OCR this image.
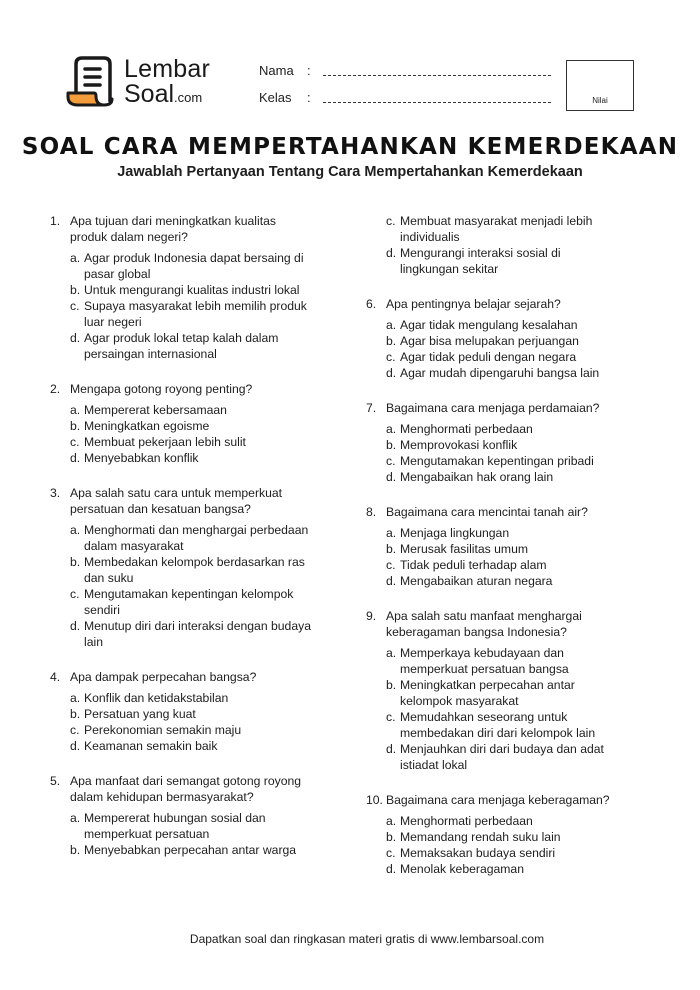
Lembar
Soal.com
Nama :
Kelas :	Nilai
SOAL CARA MEMPERTAHANKAN KEMERDEKAAN
Jawablah Pertanyaan Tentang Cara Mempertahankan Kemerdekaan
1. Apa tujuan dari meningkatkan kualitas produk dalam negeri?
a. Agar produk Indonesia dapat bersaing di pasar global
b. Untuk mengurangi kualitas industri lokal
c. Supaya masyarakat lebih memilih produk luar negeri
d. Agar produk lokal tetap kalah dalam persaingan internasional
2. Mengapa gotong royong penting?
a. Mempererat kebersamaan
b. Meningkatkan egoisme
c. Membuat pekerjaan lebih sulit
d. Menyebabkan konflik
3. Apa salah satu cara untuk memperkuat persatuan dan kesatuan bangsa?
a. Menghormati dan menghargai perbedaan dalam masyarakat
b. Membedakan kelompok berdasarkan ras dan suku
c. Mengutamakan kepentingan kelompok sendiri
d. Menutup diri dari interaksi dengan budaya lain
4. Apa dampak perpecahan bangsa?
a. Konflik dan ketidakstabilan
b. Persatuan yang kuat
c. Perekonomian semakin maju
d. Keamanan semakin baik
5. Apa manfaat dari semangat gotong royong dalam kehidupan bermasyarakat?
a. Mempererat hubungan sosial dan memperkuat persatuan
b. Menyebabkan perpecahan antar warga
c. Membuat masyarakat menjadi lebih individualis
d. Mengurangi interaksi sosial di lingkungan sekitar
6. Apa pentingnya belajar sejarah?
a. Agar tidak mengulang kesalahan
b. Agar bisa melupakan perjuangan
c. Agar tidak peduli dengan negara
d. Agar mudah dipengaruhi bangsa lain
7. Bagaimana cara menjaga perdamaian?
a. Menghormati perbedaan
b. Memprovokasi konflik
c. Mengutamakan kepentingan pribadi
d. Mengabaikan hak orang lain
8. Bagaimana cara mencintai tanah air?
a. Menjaga lingkungan
b. Merusak fasilitas umum
c. Tidak peduli terhadap alam
d. Mengabaikan aturan negara
9. Apa salah satu manfaat menghargai keberagaman bangsa Indonesia?
a. Memperkaya kebudayaan dan memperkuat persatuan bangsa
b. Meningkatkan perpecahan antar kelompok masyarakat
c. Memudahkan seseorang untuk membedakan diri dari kelompok lain
d. Menjauhkan diri dari budaya dan adat istiadat lokal
10. Bagaimana cara menjaga keberagaman?
a. Menghormati perbedaan
b. Memandang rendah suku lain
c. Memaksakan budaya sendiri
d. Menolak keberagaman
Dapatkan soal dan ringkasan materi gratis di www.lembarsoal.com
